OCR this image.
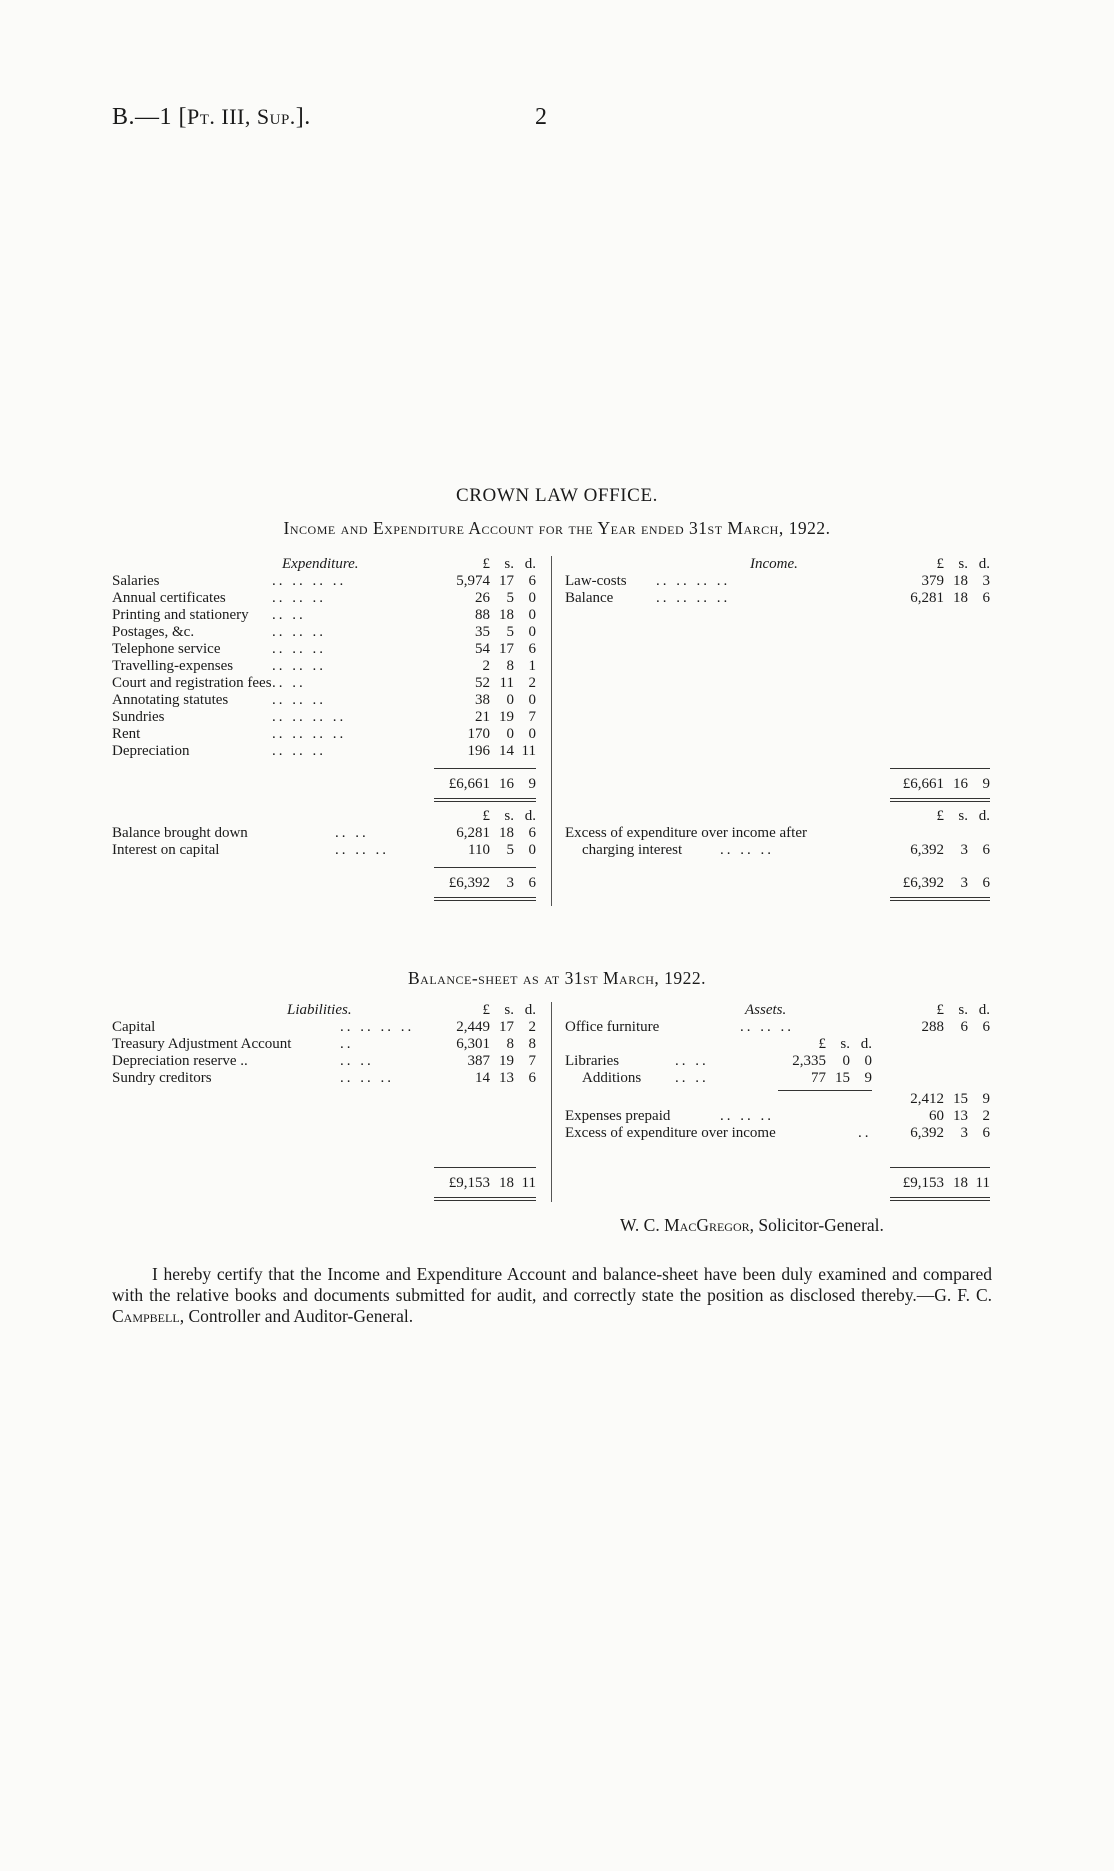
B.—1 [Pt. III, Sup.].	2
CROWN LAW OFFICE.
Income and Expenditure Account for the Year ended 31st March, 1922.
Expenditure.	Income.
£ s. d.	£ s. d.
Salaries	.. .. .. ..	5,974 17 6
Annual certificates	.. .. ..	26 5 0
Printing and stationery .. ..	88 18 0
Postages, &c.	.. .. ..	35 5 0
Telephone service	.. .. ..	54 17 6
Travelling-expenses	.. .. ..	2 8 1
Court and registration fees .. ..	52 11 2
Annotating statutes	.. .. ..	38 0 0
Sundries	.. .. .. ..	21 19 7
Rent	.. .. .. ..	170 0 0
Depreciation	.. .. ..	196 14 11
Law-costs .. .. .. ..	379 18 3
Balance	.. .. .. ..	6,281 18 6
£6,661 16 9	£6,661 16 9
£ s. d.	£ s. d.
Balance brought down	.. ..	6,281 18 6
Interest on capital	.. .. ..	110 5 0
Excess of expenditure over income after
charging interest	.. .. ..	6,392 3 6
£6,392 3 6	£6,392 3 6
Balance-sheet as at 31st March, 1922.
Liabilities.	Assets.
£ s. d.	£ s. d.
Capital	.. .. .. ..	2,449 17 2
Treasury Adjustment Account	..	6,301 8 8
Depreciation reserve ..	.. ..	387 19 7
Sundry creditors	.. .. ..	14 13 6
Office furniture	.. .. ..	288 6 6
£ s. d.
Libraries	.. ..	2,335 0 0
Additions .. ..	77 15 9
2,412 15 9
Expenses prepaid	.. .. ..	60 13 2
Excess of expenditure over income	..	6,392 3 6
£9,153 18 11	£9,153 18 11
W. C. MacGregor, Solicitor-General.
I hereby certify that the Income and Expenditure Account and balance-sheet have been duly examined and compared with the relative books and documents submitted for audit, and correctly state the position as disclosed thereby.—G. F. C. Campbell, Controller and Auditor-General.
